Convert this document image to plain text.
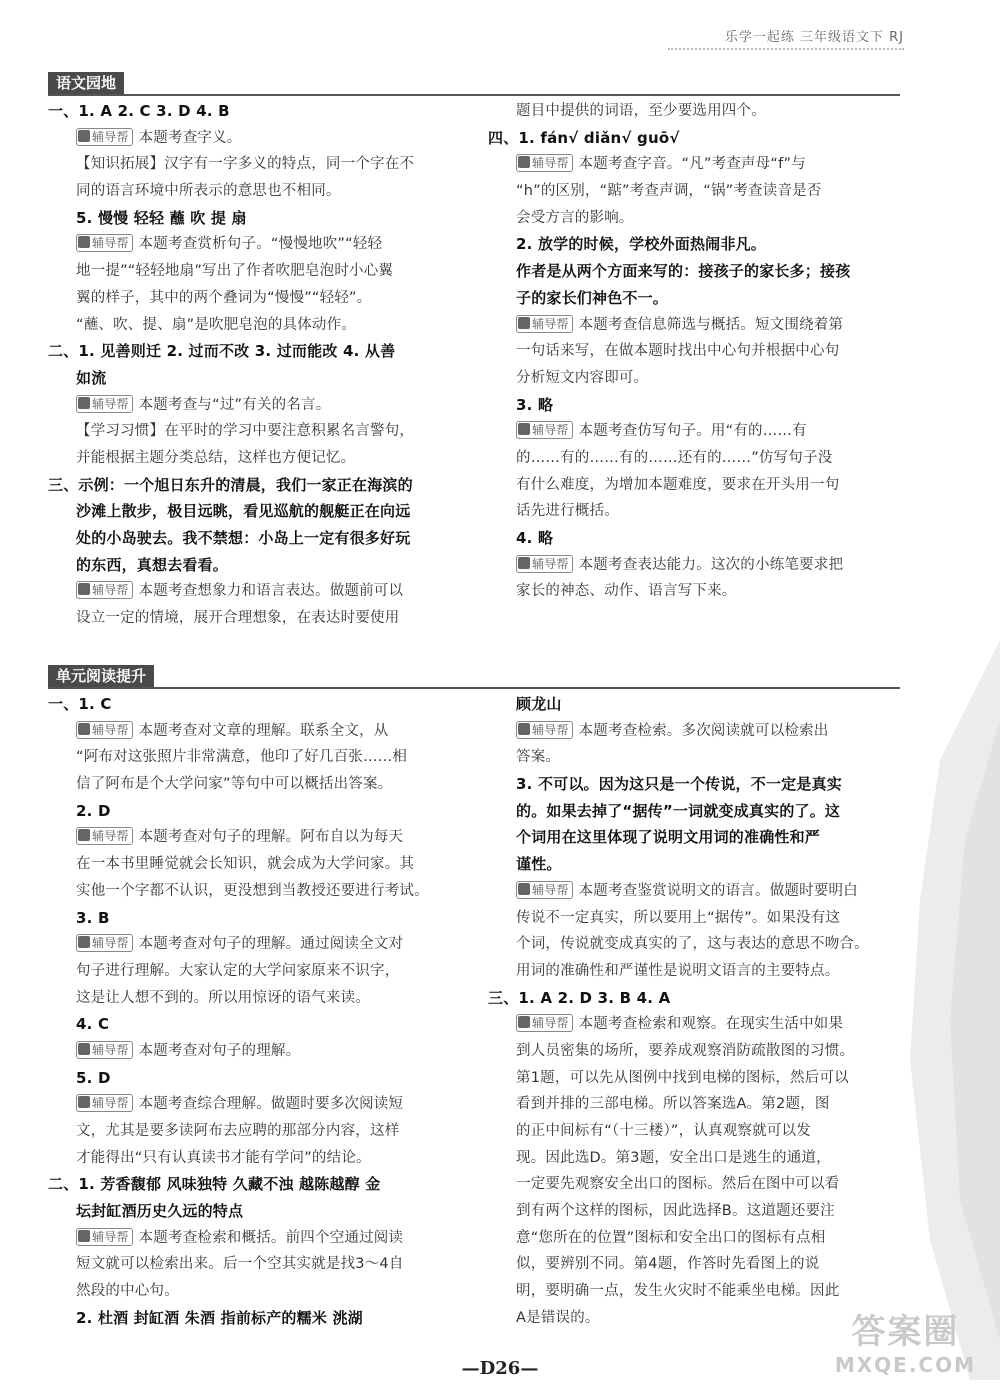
乐学一起练 三年级语文下 RJ
语文园地
一、1. A 2. C 3. D 4. B
辅导帮 本题考查字义。
【知识拓展】汉字有一字多义的特点，同一个字在不
同的语言环境中所表示的意思也不相同。
5. 慢慢 轻轻 蘸 吹 提 扇
辅导帮 本题考查赏析句子。“慢慢地吹”“轻轻
地一提”“轻轻地扇”写出了作者吹肥皂泡时小心翼
翼的样子，其中的两个叠词为“慢慢”“轻轻”。
“蘸、吹、提、扇”是吹肥皂泡的具体动作。
二、1. 见善则迁 2. 过而不改 3. 过而能改 4. 从善
如流
辅导帮 本题考查与“过”有关的名言。
【学习习惯】在平时的学习中要注意积累名言警句，
并能根据主题分类总结，这样也方便记忆。
三、示例：一个旭日东升的清晨，我们一家正在海滨的
沙滩上散步，极目远眺，看见巡航的舰艇正在向远
处的小岛驶去。我不禁想：小岛上一定有很多好玩
的东西，真想去看看。
辅导帮 本题考查想象力和语言表达。做题前可以
设立一定的情境，展开合理想象，在表达时要使用
题目中提供的词语，至少要选用四个。
四、1. fán√ diǎn√ guō√
辅导帮 本题考查字音。“凡”考查声母“f”与
“h”的区别，“踮”考查声调，“锅”考查读音是否
会受方言的影响。
2. 放学的时候，学校外面热闹非凡。
作者是从两个方面来写的：接孩子的家长多；接孩
子的家长们神色不一。
辅导帮 本题考查信息筛选与概括。短文围绕着第
一句话来写，在做本题时找出中心句并根据中心句
分析短文内容即可。
3. 略
辅导帮 本题考查仿写句子。用“有的……有
的……有的……有的……还有的……”仿写句子没
有什么难度，为增加本题难度，要求在开头用一句
话先进行概括。
4. 略
辅导帮 本题考查表达能力。这次的小练笔要求把
家长的神态、动作、语言写下来。
单元阅读提升
一、1. C
辅导帮 本题考查对文章的理解。联系全文，从
“阿布对这张照片非常满意，他印了好几百张……相
信了阿布是个大学问家”等句中可以概括出答案。
2. D
辅导帮 本题考查对句子的理解。阿布自以为每天
在一本书里睡觉就会长知识，就会成为大学问家。其
实他一个字都不认识，更没想到当教授还要进行考试。
3. B
辅导帮 本题考查对句子的理解。通过阅读全文对
句子进行理解。大家认定的大学问家原来不识字，
这是让人想不到的。所以用惊讶的语气来读。
4. C
辅导帮 本题考查对句子的理解。
5. D
辅导帮 本题考查综合理解。做题时要多次阅读短
文，尤其是要多读阿布去应聘的那部分内容，这样
才能得出“只有认真读书才能有学问”的结论。
二、1. 芳香馥郁 风味独特 久藏不浊 越陈越醇 金
坛封缸酒历史久远的特点
辅导帮 本题考查检索和概括。前四个空通过阅读
短文就可以检索出来。后一个空其实就是找3～4自
然段的中心句。
2. 杜酒 封缸酒 朱酒 指前标产的糯米 洮湖
顾龙山
辅导帮 本题考查检索。多次阅读就可以检索出
答案。
3. 不可以。因为这只是一个传说，不一定是真实
的。如果去掉了“据传”一词就变成真实的了。这
个词用在这里体现了说明文用词的准确性和严
谨性。
辅导帮 本题考查鉴赏说明文的语言。做题时要明白
传说不一定真实，所以要用上“据传”。如果没有这
个词，传说就变成真实的了，这与表达的意思不吻合。
用词的准确性和严谨性是说明文语言的主要特点。
三、1. A 2. D 3. B 4. A
辅导帮 本题考查检索和观察。在现实生活中如果
到人员密集的场所，要养成观察消防疏散图的习惯。
第1题，可以先从图例中找到电梯的图标，然后可以
看到并排的三部电梯。所以答案选A。第2题，图
的正中间标有“（十三楼）”，认真观察就可以发
现。因此选D。第3题，安全出口是逃生的通道，
一定要先观察安全出口的图标。然后在图中可以看
到有两个这样的图标，因此选择B。这道题还要注
意“您所在的位置”图标和安全出口的图标有点相
似，要辨别不同。第4题，作答时先看图上的说
明，要明确一点，发生火灾时不能乘坐电梯。因此
A是错误的。
—D26—
答案圈
MXQE.COM
